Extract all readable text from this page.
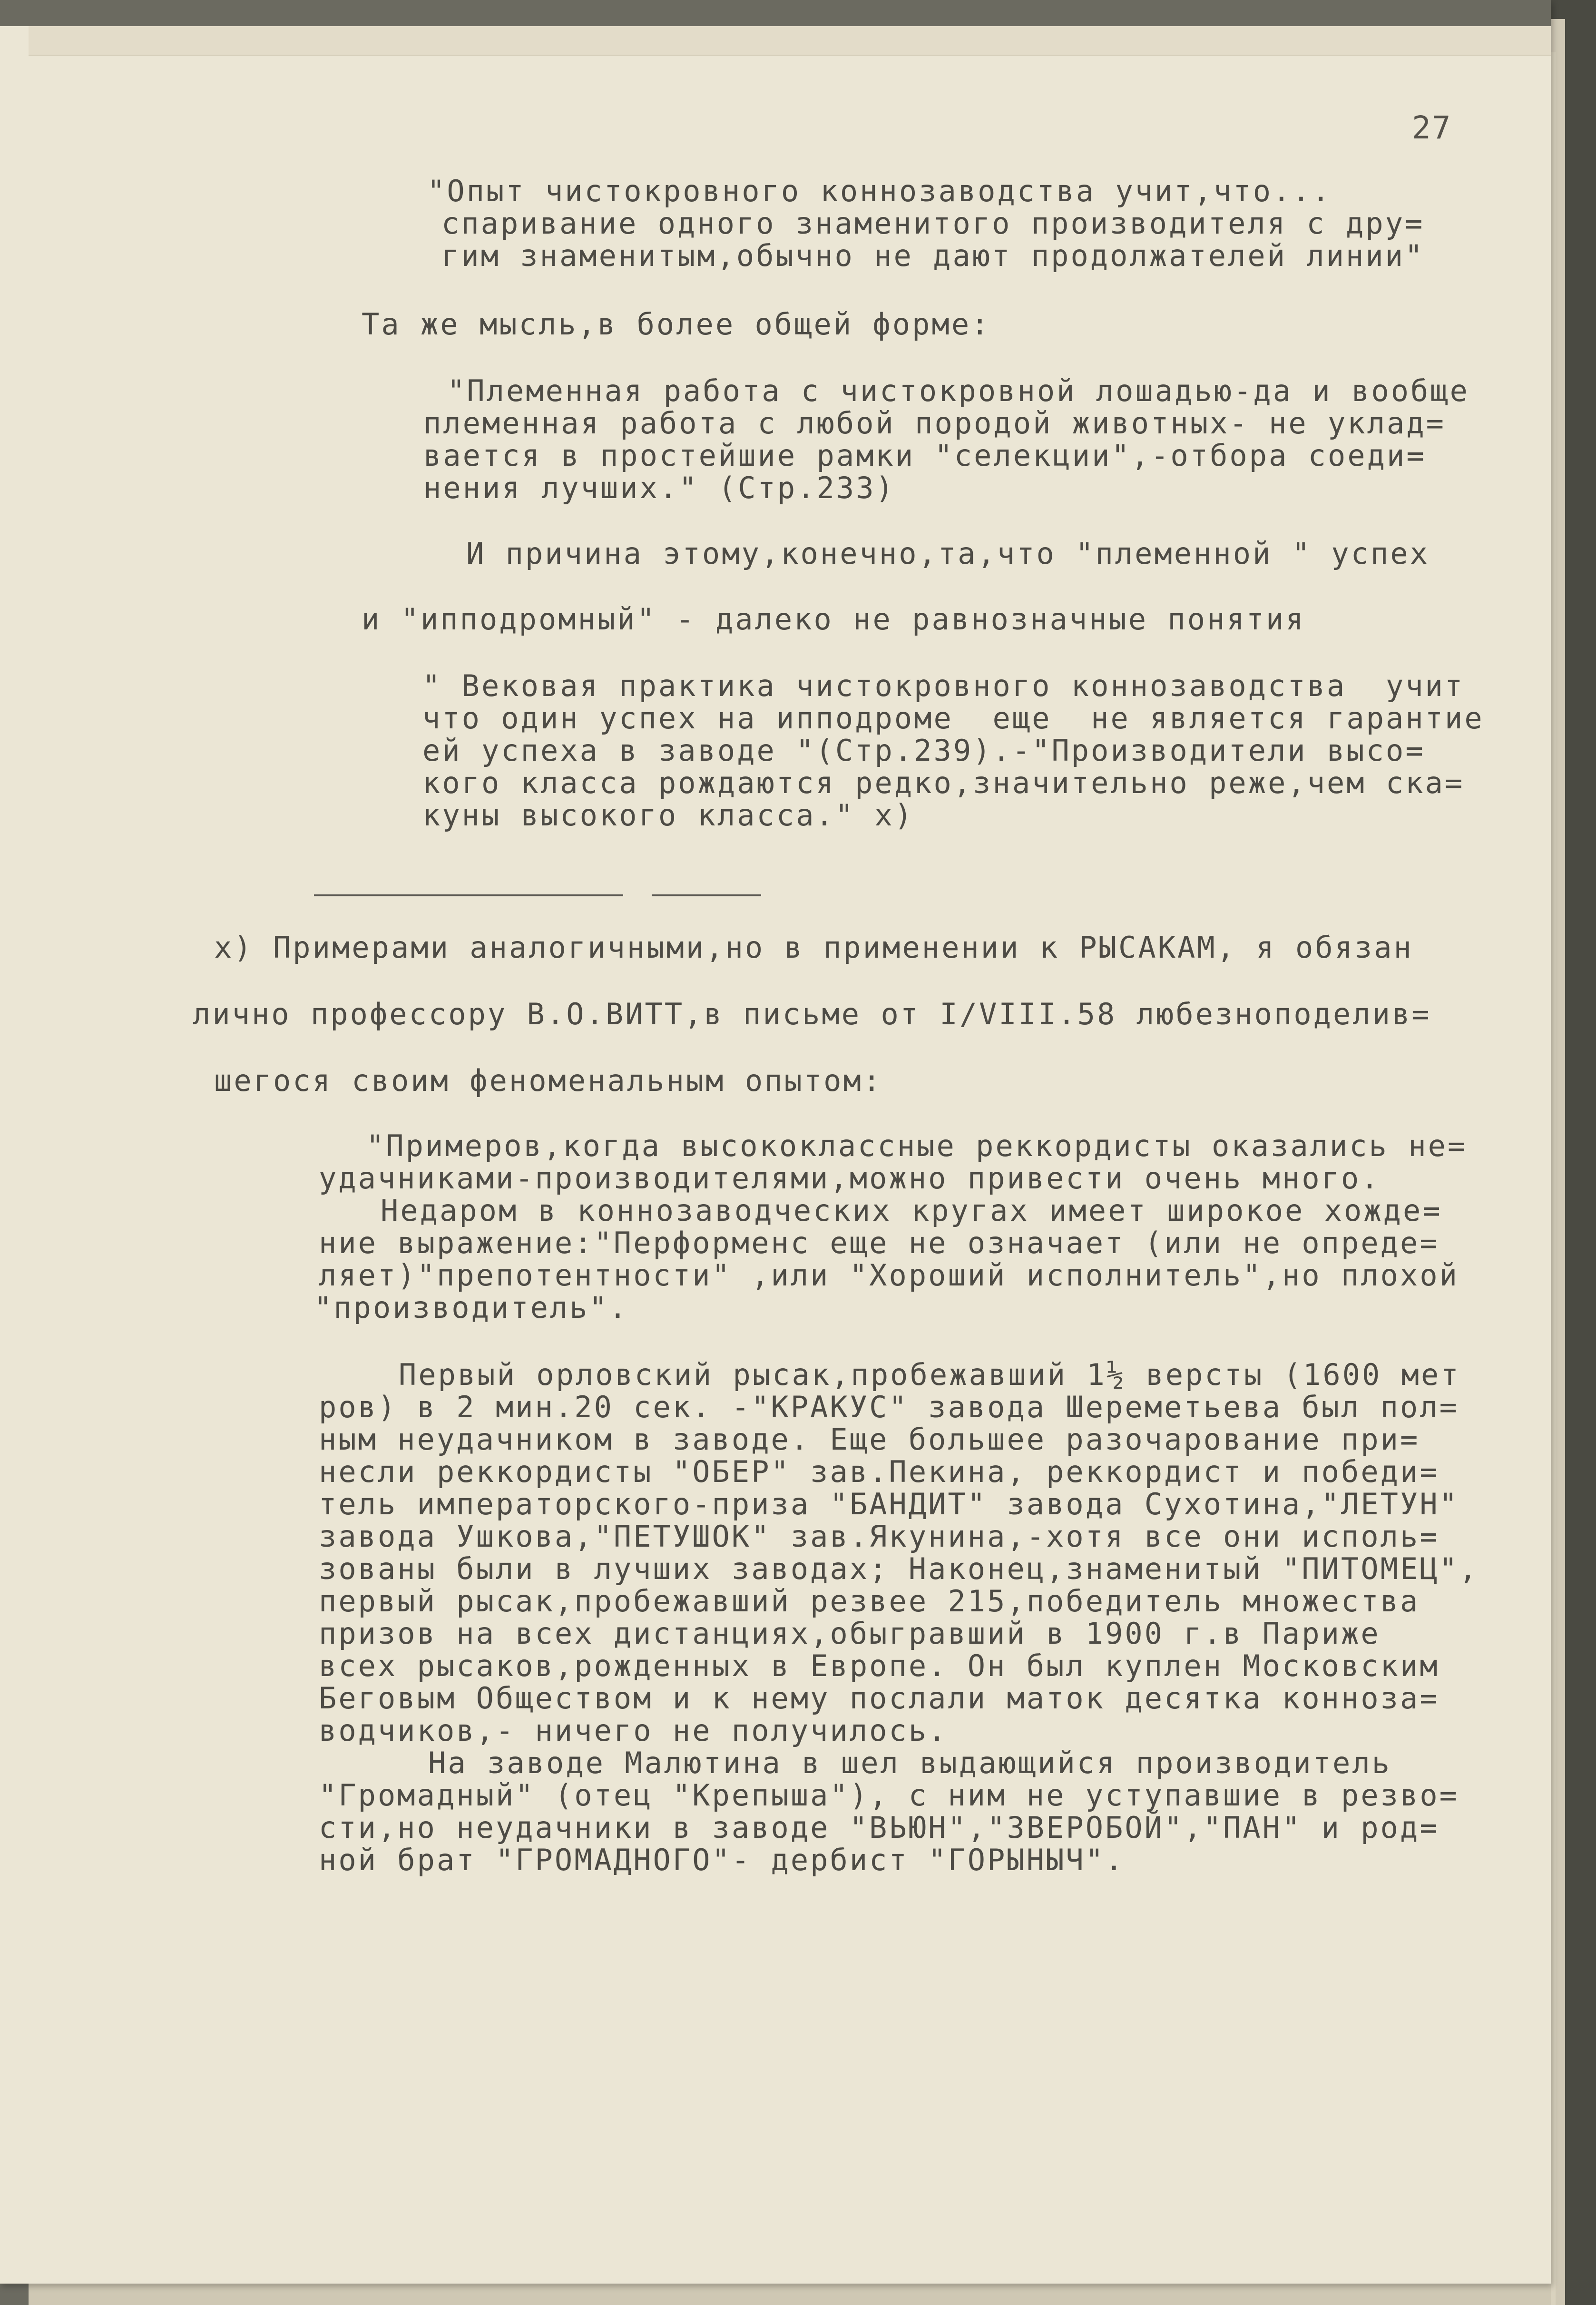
27
"Опыт чистокровного коннозаводства учит,что...
спаривание одного знаменитого производителя с дру=
гим знаменитым,обычно не дают продолжателей линии"
Та же мысль,в более общей форме:
"Племенная работа с чистокровной лошадью-да и вообще
племенная работа с любой породой животных- не уклад=
вается в простейшие рамки "селекции",-отбора соеди=
нения лучших." (Стр.233)
И причина этому,конечно,та,что "племенной " успех
и "ипподромный" - далеко не равнозначные понятия
" Вековая практика чистокровного коннозаводства  учит
что один успех на ипподроме  еще  не является гарантие
ей успеха в заводе "(Стр.239).-"Производители высо=
кого класса рождаются редко,значительно реже,чем ска=
куны высокого класса." х)
х) Примерами аналогичными,но в применении к РЫСАКАМ, я обязан
лично профессору В.О.ВИТТ,в письме от I/VIII.58 любезноподелив=
шегося своим феноменальным опытом:
"Примеров,когда высококлассные реккордисты оказались не=
удачниками-производителями,можно привести очень много.
Недаром в коннозаводческих кругах имеет широкое хожде=
ние выражение:"Перформенс еще не означает (или не опреде=
ляет)"препотентности" ,или "Хороший исполнитель",но плохой
"производитель".
Первый орловский рысак,пробежавший 1½ версты (1600 мет
ров) в 2 мин.20 сек. -"КРАКУС" завода Шереметьева был пол=
ным неудачником в заводе. Еще большее разочарование при=
несли реккордисты "ОБЕР" зав.Пекина, реккордист и победи=
тель императорского-приза "БАНДИТ" завода Сухотина,"ЛЕТУН"
завода Ушкова,"ПЕТУШОК" зав.Якунина,-хотя все они исполь=
зованы были в лучших заводах; Наконец,знаменитый "ПИТОМЕЦ",
первый рысак,пробежавший резвее 215,победитель множества
призов на всех дистанциях,обыгравший в 1900 г.в Париже
всех рысаков,рожденных в Европе. Он был куплен Московским
Беговым Обществом и к нему послали маток десятка конноза=
водчиков,- ничего не получилось.
На заводе Малютина в шел выдающийся производитель
"Громадный" (отец "Крепыша"), с ним не уступавшие в резво=
сти,но неудачники в заводе "ВЬЮН","ЗВЕРОБОЙ","ПАН" и род=
ной брат "ГРОМАДНОГО"- дербист "ГОРЫНЫЧ".
